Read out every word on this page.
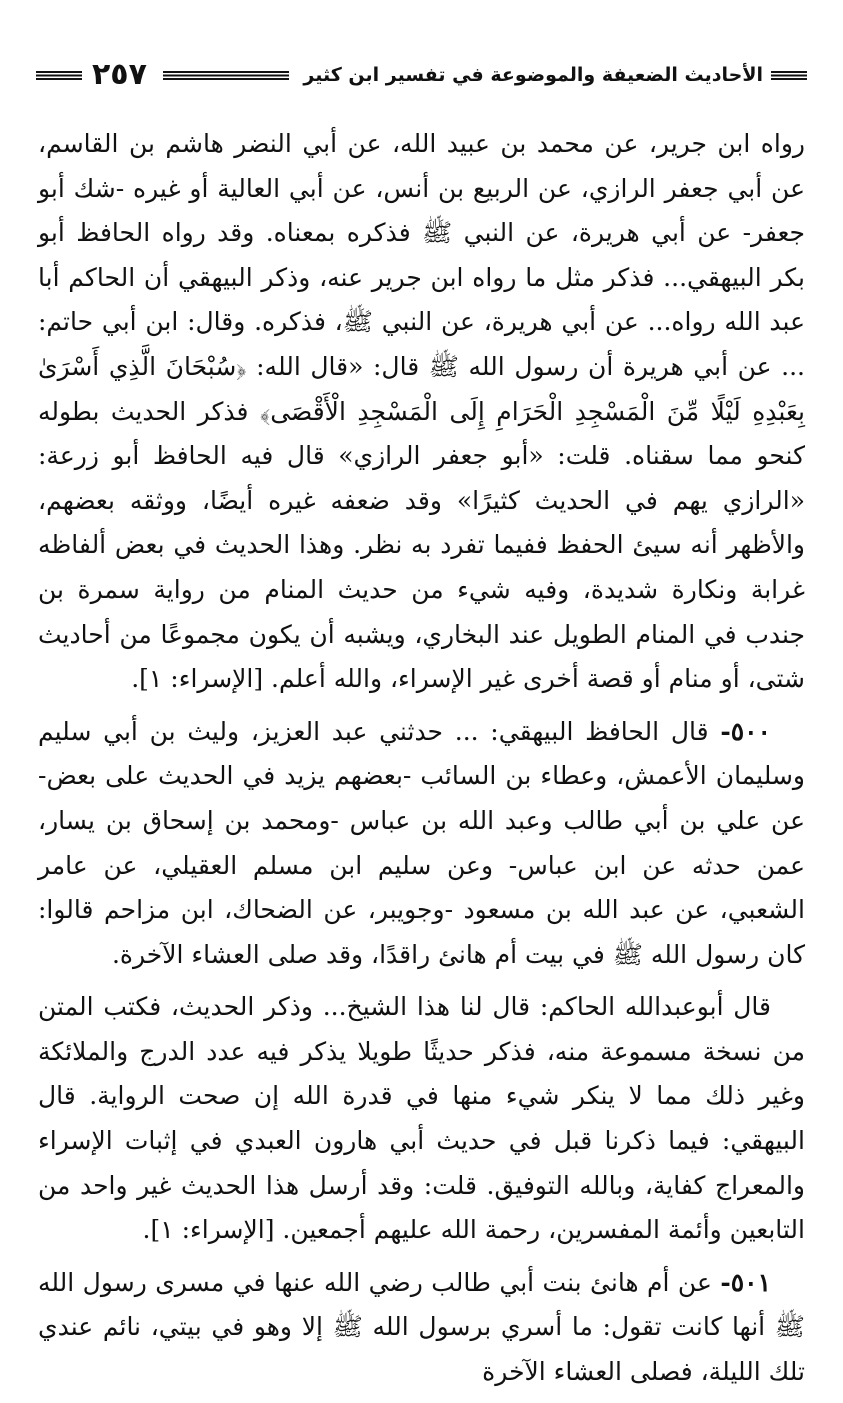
٢٥٧	الأحاديث الضعيفة والموضوعة في تفسير ابن كثير

رواه ابن جرير، عن محمد بن عبيد الله، عن أبي النضر هاشم بن القاسم، عن أبي جعفر الرازي، عن الربيع بن أنس، عن أبي العالية أو غيره -شك أبو جعفر- عن أبي هريرة، عن النبي ﷺ فذكره بمعناه. وقد رواه الحافظ أبو بكر البيهقي... فذكر مثل ما رواه ابن جرير عنه، وذكر البيهقي أن الحاكم أبا عبد الله رواه... عن أبي هريرة، عن النبي ﷺ، فذكره. وقال: ابن أبي حاتم: ... عن أبي هريرة أن رسول الله ﷺ قال: «قال الله: ﴿سُبْحَانَ الَّذِي أَسْرَىٰ بِعَبْدِهِ لَيْلًا مِّنَ الْمَسْجِدِ الْحَرَامِ إِلَى الْمَسْجِدِ الْأَقْصَى﴾ فذكر الحديث بطوله كنحو مما سقناه. قلت: «أبو جعفر الرازي» قال فيه الحافظ أبو زرعة: «الرازي يهم في الحديث كثيرًا» وقد ضعفه غيره أيضًا، ووثقه بعضهم، والأظهر أنه سيئ الحفظ ففيما تفرد به نظر. وهذا الحديث في بعض ألفاظه غرابة ونكارة شديدة، وفيه شيء من حديث المنام من رواية سمرة بن جندب في المنام الطويل عند البخاري، ويشبه أن يكون مجموعًا من أحاديث شتى، أو منام أو قصة أخرى غير الإسراء، والله أعلم. [الإسراء: ١].

٥٠٠- قال الحافظ البيهقي: ... حدثني عبد العزيز، وليث بن أبي سليم وسليمان الأعمش، وعطاء بن السائب -بعضهم يزيد في الحديث على بعض- عن علي بن أبي طالب وعبد الله بن عباس -ومحمد بن إسحاق بن يسار، عمن حدثه عن ابن عباس- وعن سليم ابن مسلم العقيلي، عن عامر الشعبي، عن عبد الله بن مسعود -وجويبر، عن الضحاك، ابن مزاحم قالوا: كان رسول الله ﷺ في بيت أم هانئ راقدًا، وقد صلى العشاء الآخرة.

قال أبوعبدالله الحاكم: قال لنا هذا الشيخ... وذكر الحديث، فكتب المتن من نسخة مسموعة منه، فذكر حديثًا طويلا يذكر فيه عدد الدرج والملائكة وغير ذلك مما لا ينكر شيء منها في قدرة الله إن صحت الرواية. قال البيهقي: فيما ذكرنا قبل في حديث أبي هارون العبدي في إثبات الإسراء والمعراج كفاية، وبالله التوفيق. قلت: وقد أرسل هذا الحديث غير واحد من التابعين وأئمة المفسرين، رحمة الله عليهم أجمعين. [الإسراء: ١].

٥٠١- عن أم هانئ بنت أبي طالب رضي الله عنها في مسرى رسول الله ﷺ أنها كانت تقول: ما أسري برسول الله ﷺ إلا وهو في بيتي، نائم عندي تلك الليلة، فصلى العشاء الآخرة
